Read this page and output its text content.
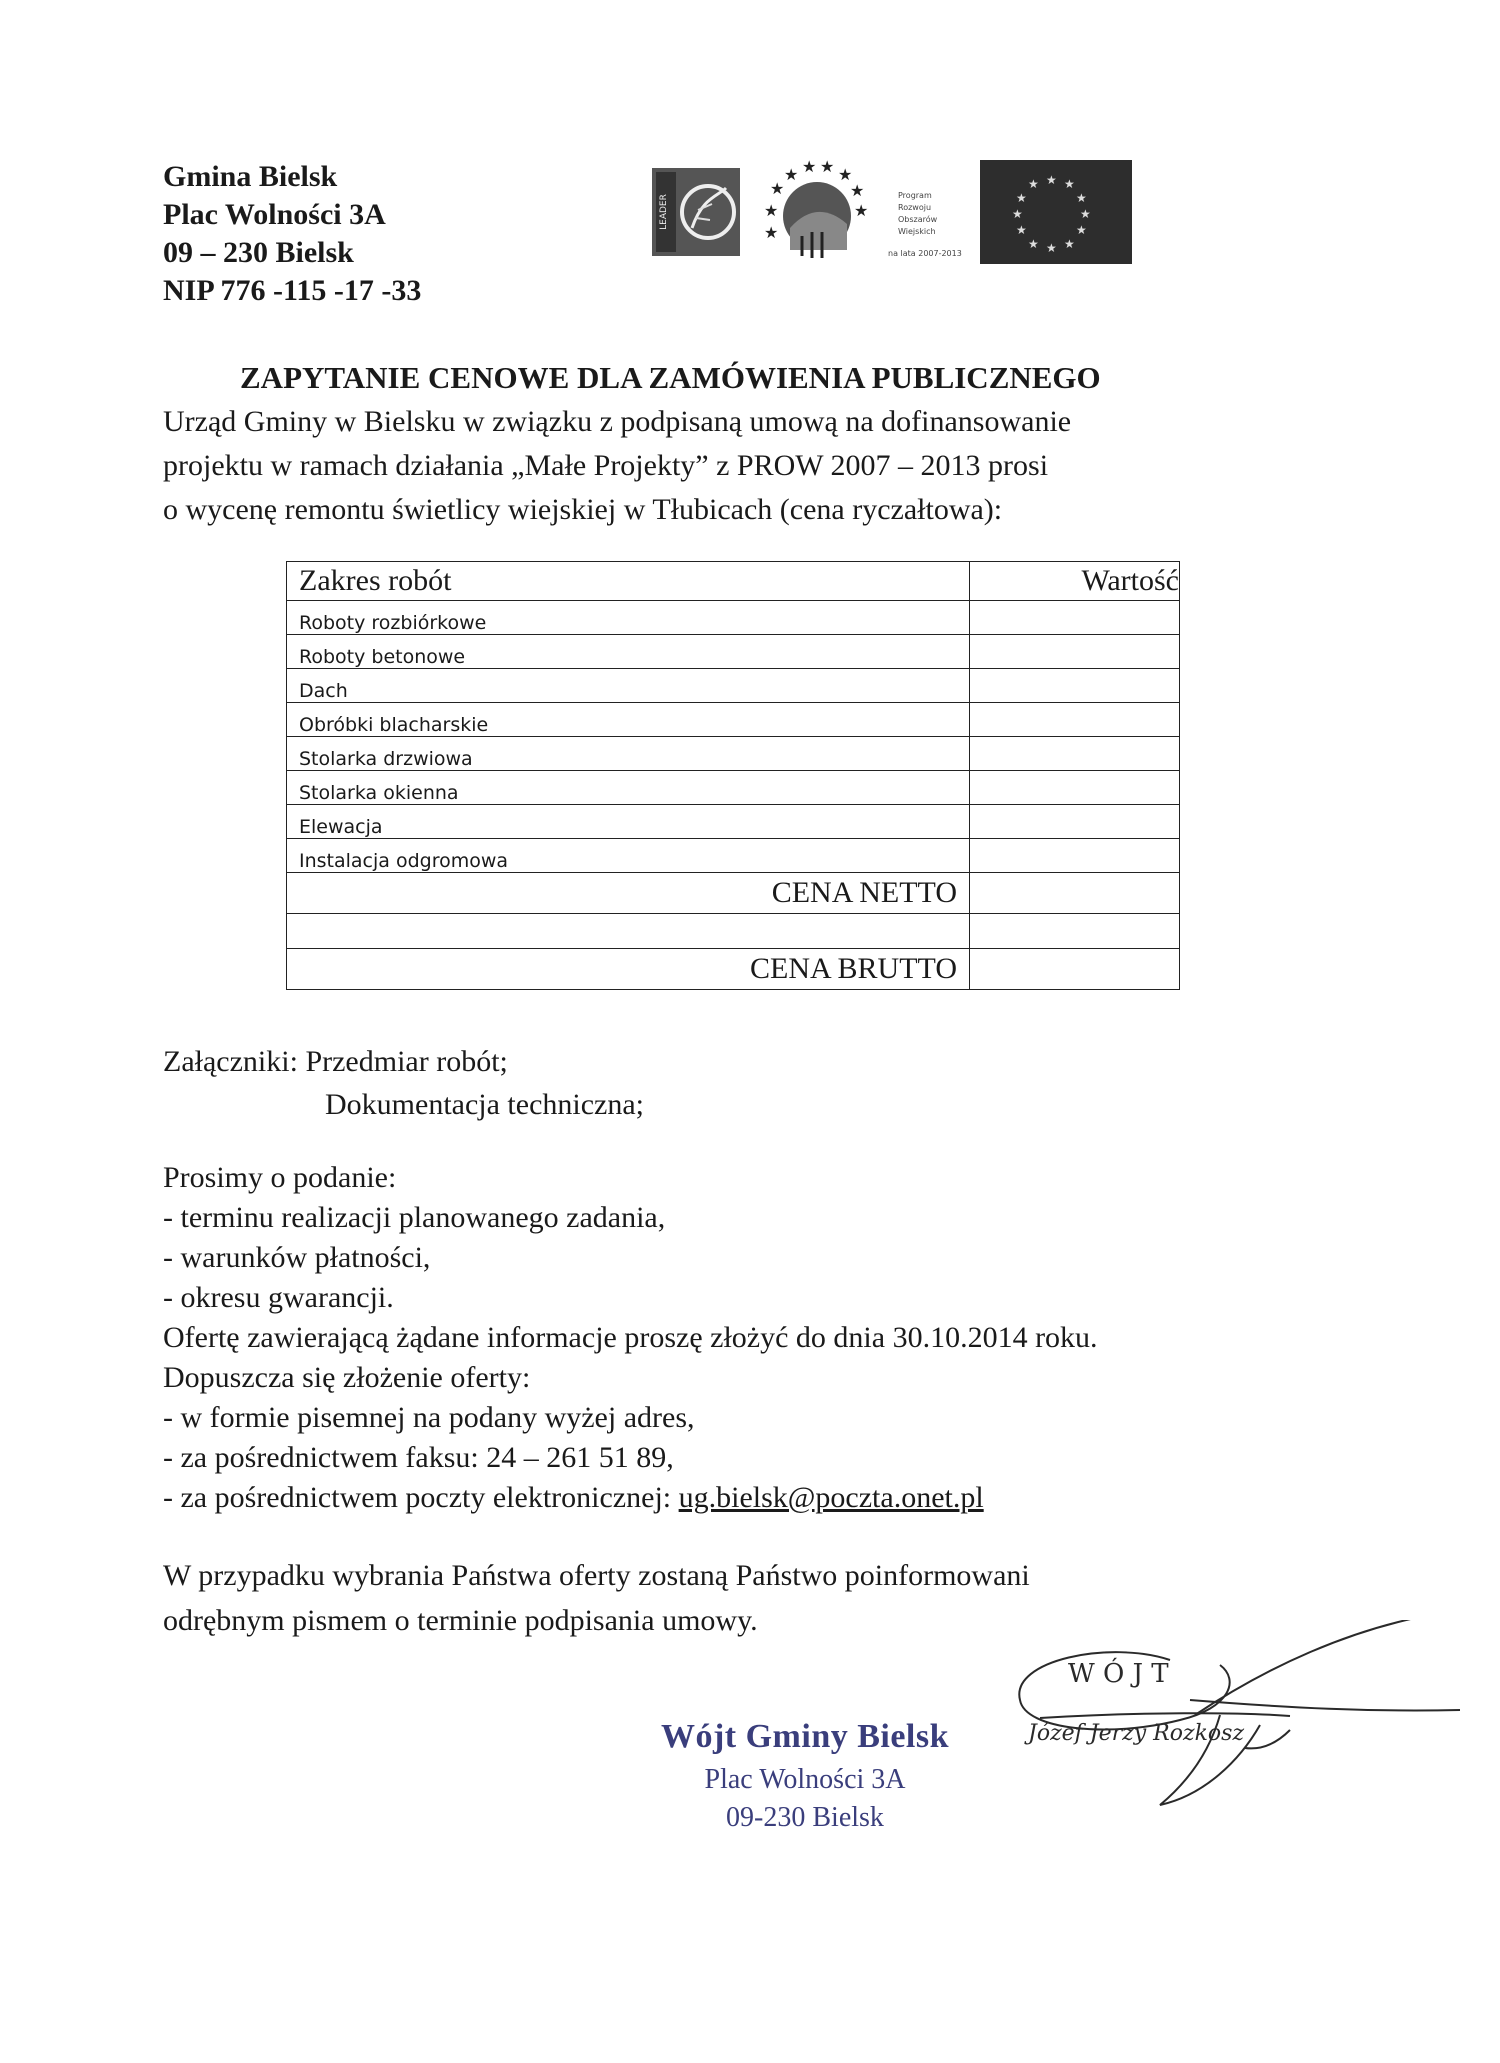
Gmina Bielsk
Plac Wolności 3A
09 – 230 Bielsk
NIP 776 -115 -17 -33
LEADER
★
★ ★ ★ ★
★
★
★
★
Program
Rozwoju
Obszarów
Wiejskich
na lata 2007-2013
★ ★
★
★
★
★
★
★
★
★
★
★
ZAPYTANIE CENOWE DLA ZAMÓWIENIA PUBLICZNEGO
Urząd Gminy w Bielsku w związku z podpisaną umową na dofinansowanie
projektu w ramach działania „Małe Projekty” z PROW 2007 – 2013 prosi
o wycenę remontu świetlicy wiejskiej w Tłubicach (cena ryczałtowa):
Zakres robót	Wartość
Roboty rozbiórkowe	
Roboty betonowe	
Dach	
Obróbki blacharskie	
Stolarka drzwiowa	
Stolarka okienna	
Elewacja	
Instalacja odgromowa	
CENA NETTO	

CENA BRUTTO	
Załączniki: Przedmiar robót;
Dokumentacja techniczna;
Prosimy o podanie:
- terminu realizacji planowanego zadania,
- warunków płatności,
- okresu gwarancji.
Ofertę zawierającą żądane informacje proszę złożyć do dnia 30.10.2014 roku.
Dopuszcza się złożenie oferty:
- w formie pisemnej na podany wyżej adres,
- za pośrednictwem faksu: 24 – 261 51 89,
- za pośrednictwem poczty elektronicznej: ug.bielsk@poczta.onet.pl
W przypadku wybrania Państwa oferty zostaną Państwo poinformowani
odrębnym pismem o terminie podpisania umowy.
Wójt Gminy Bielsk
Plac Wolności 3A
09-230 Bielsk
W Ó J T
Józef Jerzy Rozkosz
